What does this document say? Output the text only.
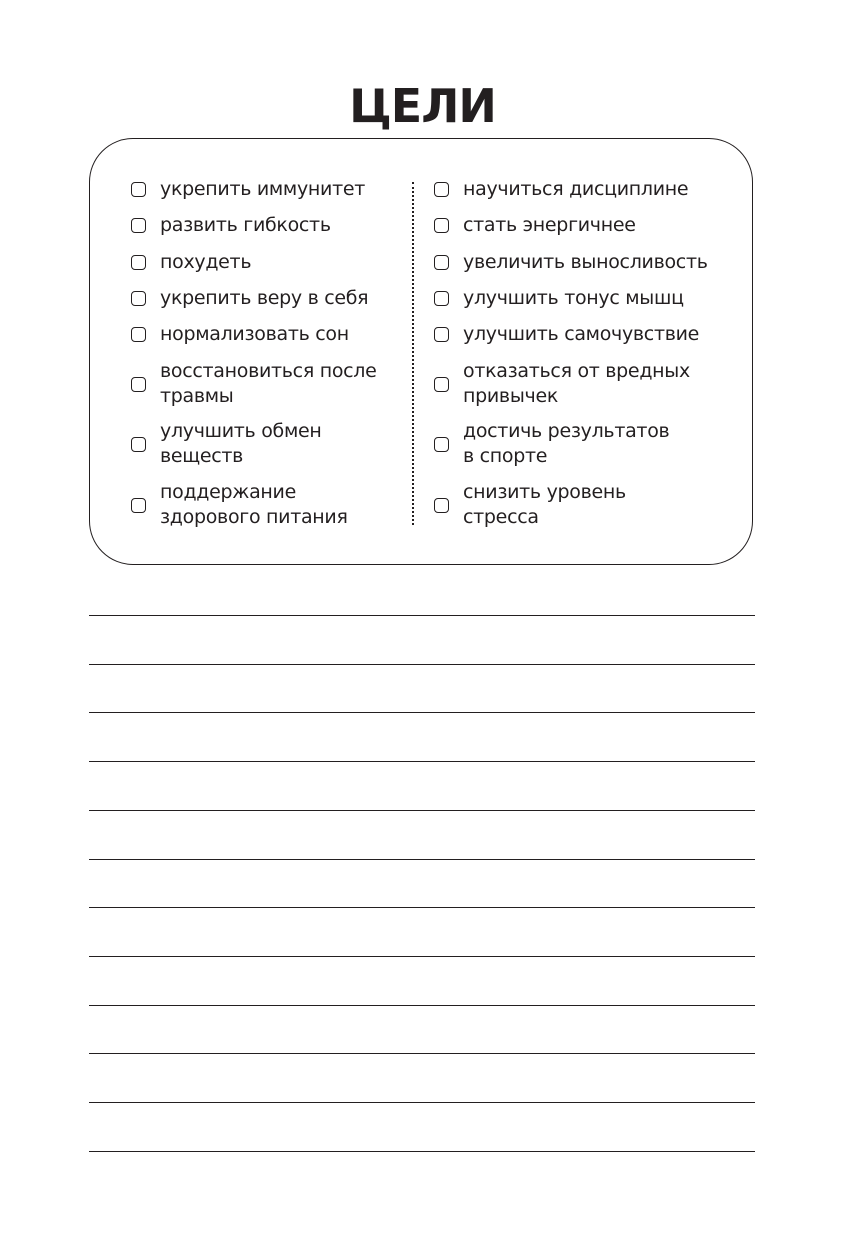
ЦЕЛИ
укрепить иммунитет
развить гибкость
похудеть
укрепить веру в себя
нормализовать сон
восстановиться после
травмы
улучшить обмен
веществ
поддержание
здорового питания
научиться дисциплине
стать энергичнее
увеличить выносливость
улучшить тонус мышц
улучшить самочувствие
отказаться от вредных
привычек
достичь результатов
в спорте
снизить уровень
стресса
